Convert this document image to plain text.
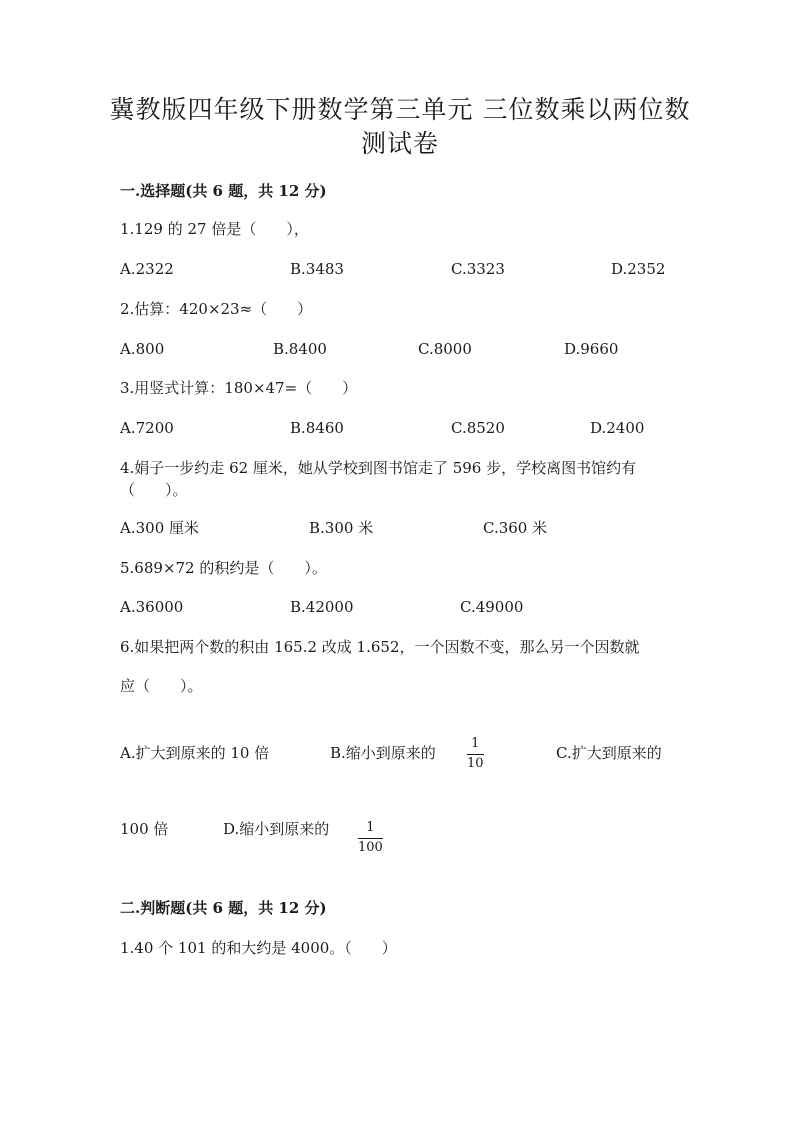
冀教版四年级下册数学第三单元 三位数乘以两位数
测试卷
一.选择题(共 6 题，共 12 分)
1.129 的 27 倍是（　　），
A.2322	B.3483	C.3323	D.2352
2.估算：420×23≈（　　）
A.800	B.8400	C.8000	D.9660
3.用竖式计算：180×47=（　　）
A.7200	B.8460	C.8520	D.2400
4.娟子一步约走 62 厘米，她从学校到图书馆走了 596 步，学校离图书馆约有
（　　）。
A.300 厘米	B.300 米	C.360 米
5.689×72 的积约是（　　）。
A.36000	B.42000	C.49000
6.如果把两个数的积由 165.2 改成 1.652，一个因数不变，那么另一个因数就
应（　　）。
A.扩大到原来的 10 倍	B.缩小到原来的
1
10
C.扩大到原来的
100 倍	D.缩小到原来的	1
100
二.判断题(共 6 题，共 12 分)
1.40 个 101 的和大约是 4000。（　　）
